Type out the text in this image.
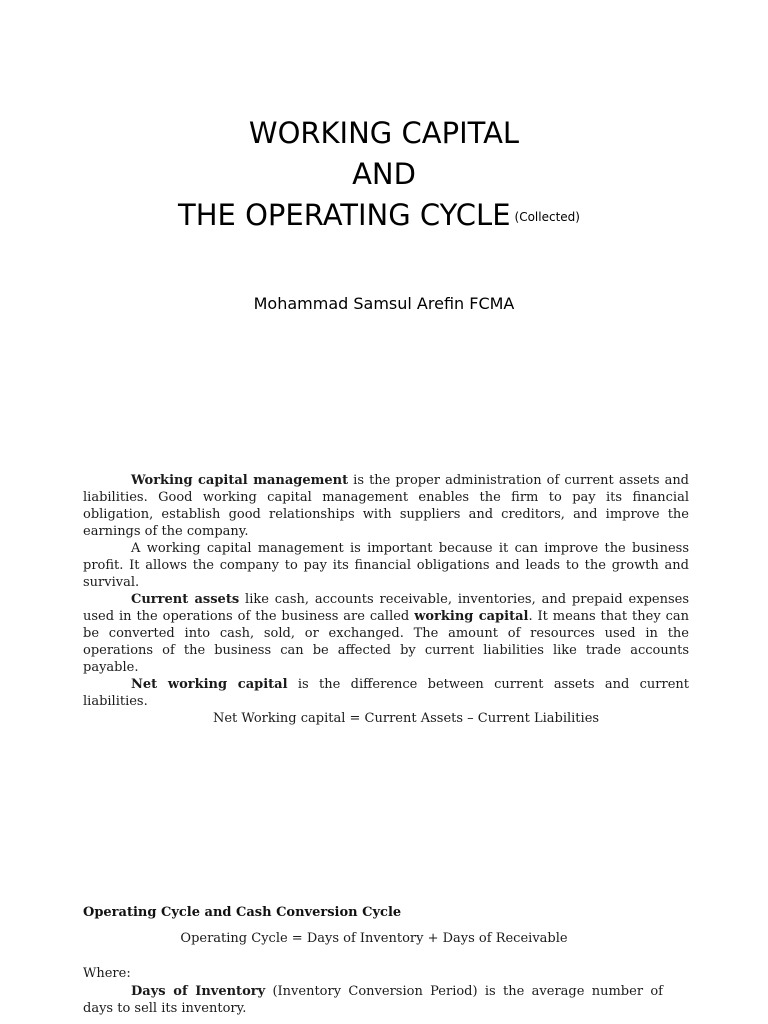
WORKING CAPITAL
AND
THE OPERATING CYCLE (Collected)
Mohammad Samsul Arefin FCMA

Working capital management is the proper administration of current assets and liabilities. Good working capital management enables the firm to pay its financial obligation, establish good relationships with suppliers and creditors, and improve the earnings of the company.

A working capital management is important because it can improve the business profit. It allows the company to pay its financial obligations and leads to the growth and survival.

Current assets like cash, accounts receivable, inventories, and prepaid expenses used in the operations of the business are called working capital. It means that they can be converted into cash, sold, or exchanged. The amount of resources used in the operations of the business can be affected by current liabilities like trade accounts payable.

Net working capital is the difference between current assets and current liabilities.

Net Working capital = Current Assets – Current Liabilities

Operating Cycle and Cash Conversion Cycle
Operating Cycle = Days of Inventory + Days of Receivable
Where:
Days of Inventory (Inventory Conversion Period) is the average number of days to sell its inventory.
